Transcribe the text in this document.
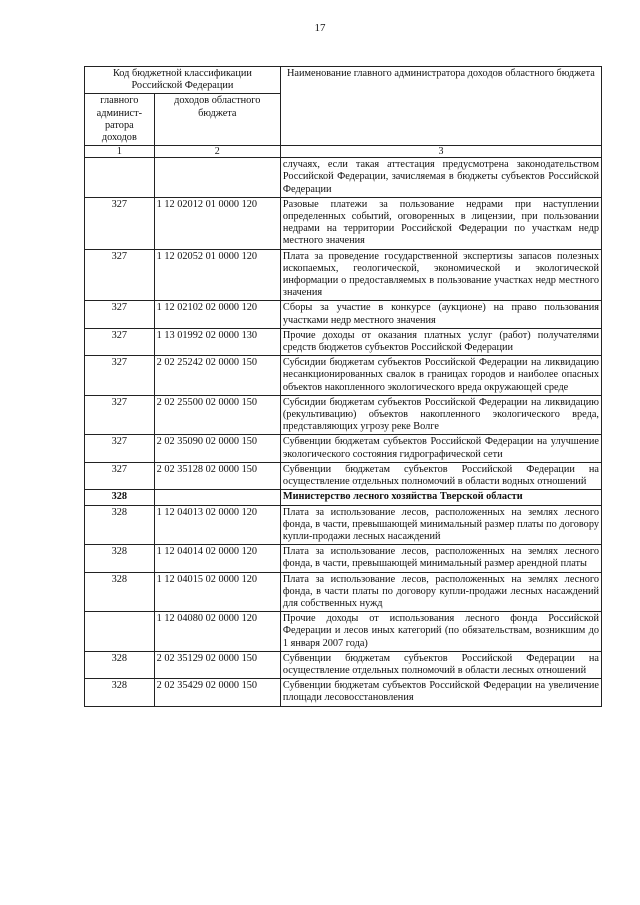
17
Код бюджетной классификации Российской Федерации		Наименование главного администратора доходов областного бюджета
главного админист-ратора доходов	доходов областного бюджета	
1	2	3
		случаях, если такая аттестация предусмотрена законодательством Российской Федерации, зачисляемая в бюджеты субъектов Российской Федерации
327	1 12 02012 01 0000 120	Разовые платежи за пользование недрами при наступлении определенных событий, оговоренных в лицензии, при пользовании недрами на территории Российской Федерации по участкам недр местного значения
327	1 12 02052 01 0000 120	Плата за проведение государственной экспертизы запасов полезных ископаемых, геологической, экономической и экологической информации о предоставляемых в пользование участках недр местного значения
327	1 12 02102 02 0000 120	Сборы за участие в конкурсе (аукционе) на право пользования участками недр местного значения
327	1 13 01992 02 0000 130	Прочие доходы от оказания платных услуг (работ) получателями средств бюджетов субъектов Российской Федерации
327	2 02 25242 02 0000 150	Субсидии бюджетам субъектов Российской Федерации на ликвидацию несанкционированных свалок в границах городов и наиболее опасных объектов накопленного экологического вреда окружающей среде
327	2 02 25500 02 0000 150	Субсидии бюджетам субъектов Российской Федерации на ликвидацию (рекультивацию) объектов накопленного экологического вреда, представляющих угрозу реке Волге
327	2 02 35090 02 0000 150	Субвенции бюджетам субъектов Российской Федерации на улучшение экологического состояния гидрографической сети
327	2 02 35128 02 0000 150	Субвенции бюджетам субъектов Российской Федерации на осуществление отдельных полномочий в области водных отношений
328		Министерство лесного хозяйства Тверской области
328	1 12 04013 02 0000 120	Плата за использование лесов, расположенных на землях лесного фонда, в части, превышающей минимальный размер платы по договору купли-продажи лесных насаждений
328	1 12 04014 02 0000 120	Плата за использование лесов, расположенных на землях лесного фонда, в части, превышающей минимальный размер арендной платы
328	1 12 04015 02 0000 120	Плата за использование лесов, расположенных на землях лесного фонда, в части платы по договору купли-продажи лесных насаждений для собственных нужд
	1 12 04080 02 0000 120	Прочие доходы от использования лесного фонда Российской Федерации и лесов иных категорий (по обязательствам, возникшим до 1 января 2007 года)
328	2 02 35129 02 0000 150	Субвенции бюджетам субъектов Российской Федерации на осуществление отдельных полномочий в области лесных отношений
328	2 02 35429 02 0000 150	Субвенции бюджетам субъектов Российской Федерации на увеличение площади лесовосстановления
